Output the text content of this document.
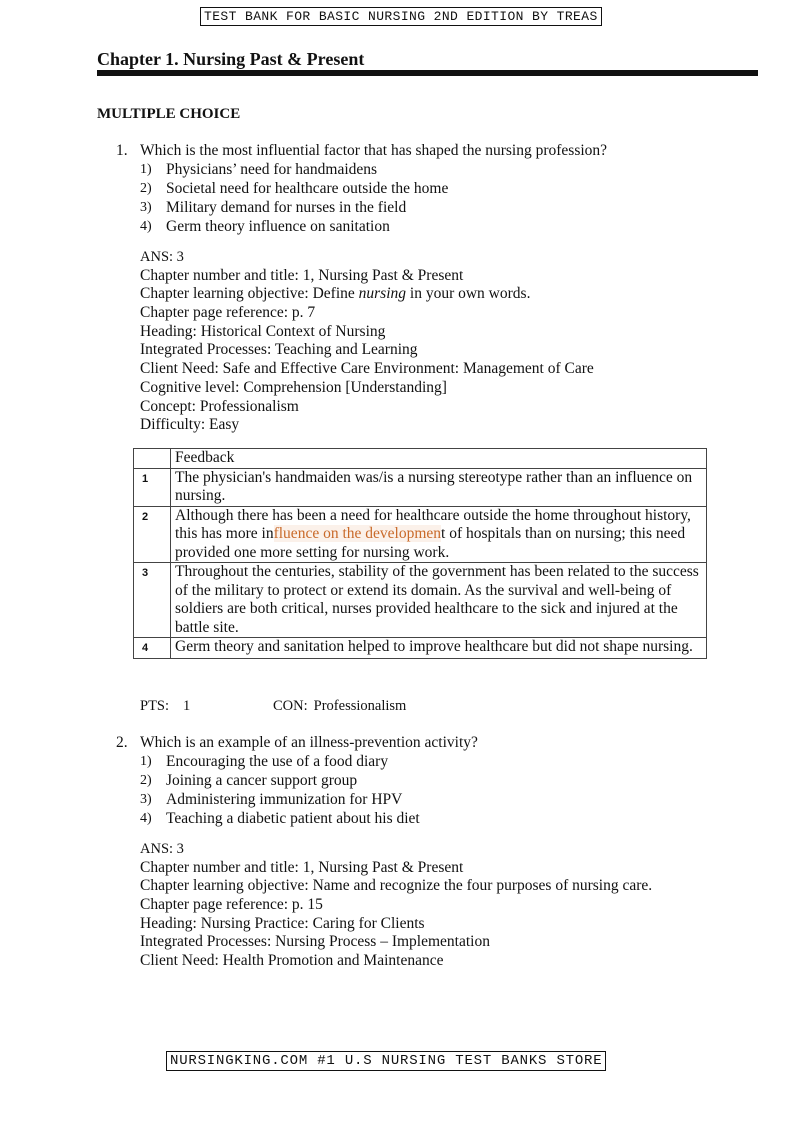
TEST BANK FOR BASIC NURSING 2ND EDITION BY TREAS
Chapter 1. Nursing Past & Present
MULTIPLE CHOICE
1. Which is the most influential factor that has shaped the nursing profession?
1) Physicians’ need for handmaidens
2) Societal need for healthcare outside the home
3) Military demand for nurses in the field
4) Germ theory influence on sanitation
ANS: 3
Chapter number and title: 1, Nursing Past & Present
Chapter learning objective: Define nursing in your own words.
Chapter page reference: p. 7
Heading: Historical Context of Nursing
Integrated Processes: Teaching and Learning
Client Need: Safe and Effective Care Environment: Management of Care
Cognitive level: Comprehension [Understanding]
Concept: Professionalism
Difficulty: Easy
	Feedback
1	The physician's handmaiden was/is a nursing stereotype rather than an influence on nursing.
2	Although there has been a need for healthcare outside the home throughout history, this has more influence on the development of hospitals than on nursing; this need provided one more setting for nursing work.
3	Throughout the centuries, stability of the government has been related to the success of the military to protect or extend its domain. As the survival and well-being of soldiers are both critical, nurses provided healthcare to the sick and injured at the battle site.
4	Germ theory and sanitation helped to improve healthcare but did not shape nursing.
PTS: 1	CON: Professionalism
2. Which is an example of an illness-prevention activity?
1) Encouraging the use of a food diary
2) Joining a cancer support group
3) Administering immunization for HPV
4) Teaching a diabetic patient about his diet
ANS: 3
Chapter number and title: 1, Nursing Past & Present
Chapter learning objective: Name and recognize the four purposes of nursing care.
Chapter page reference: p. 15
Heading: Nursing Practice: Caring for Clients
Integrated Processes: Nursing Process – Implementation
Client Need: Health Promotion and Maintenance
NURSINGKING.COM #1 U.S NURSING TEST BANKS STORE
